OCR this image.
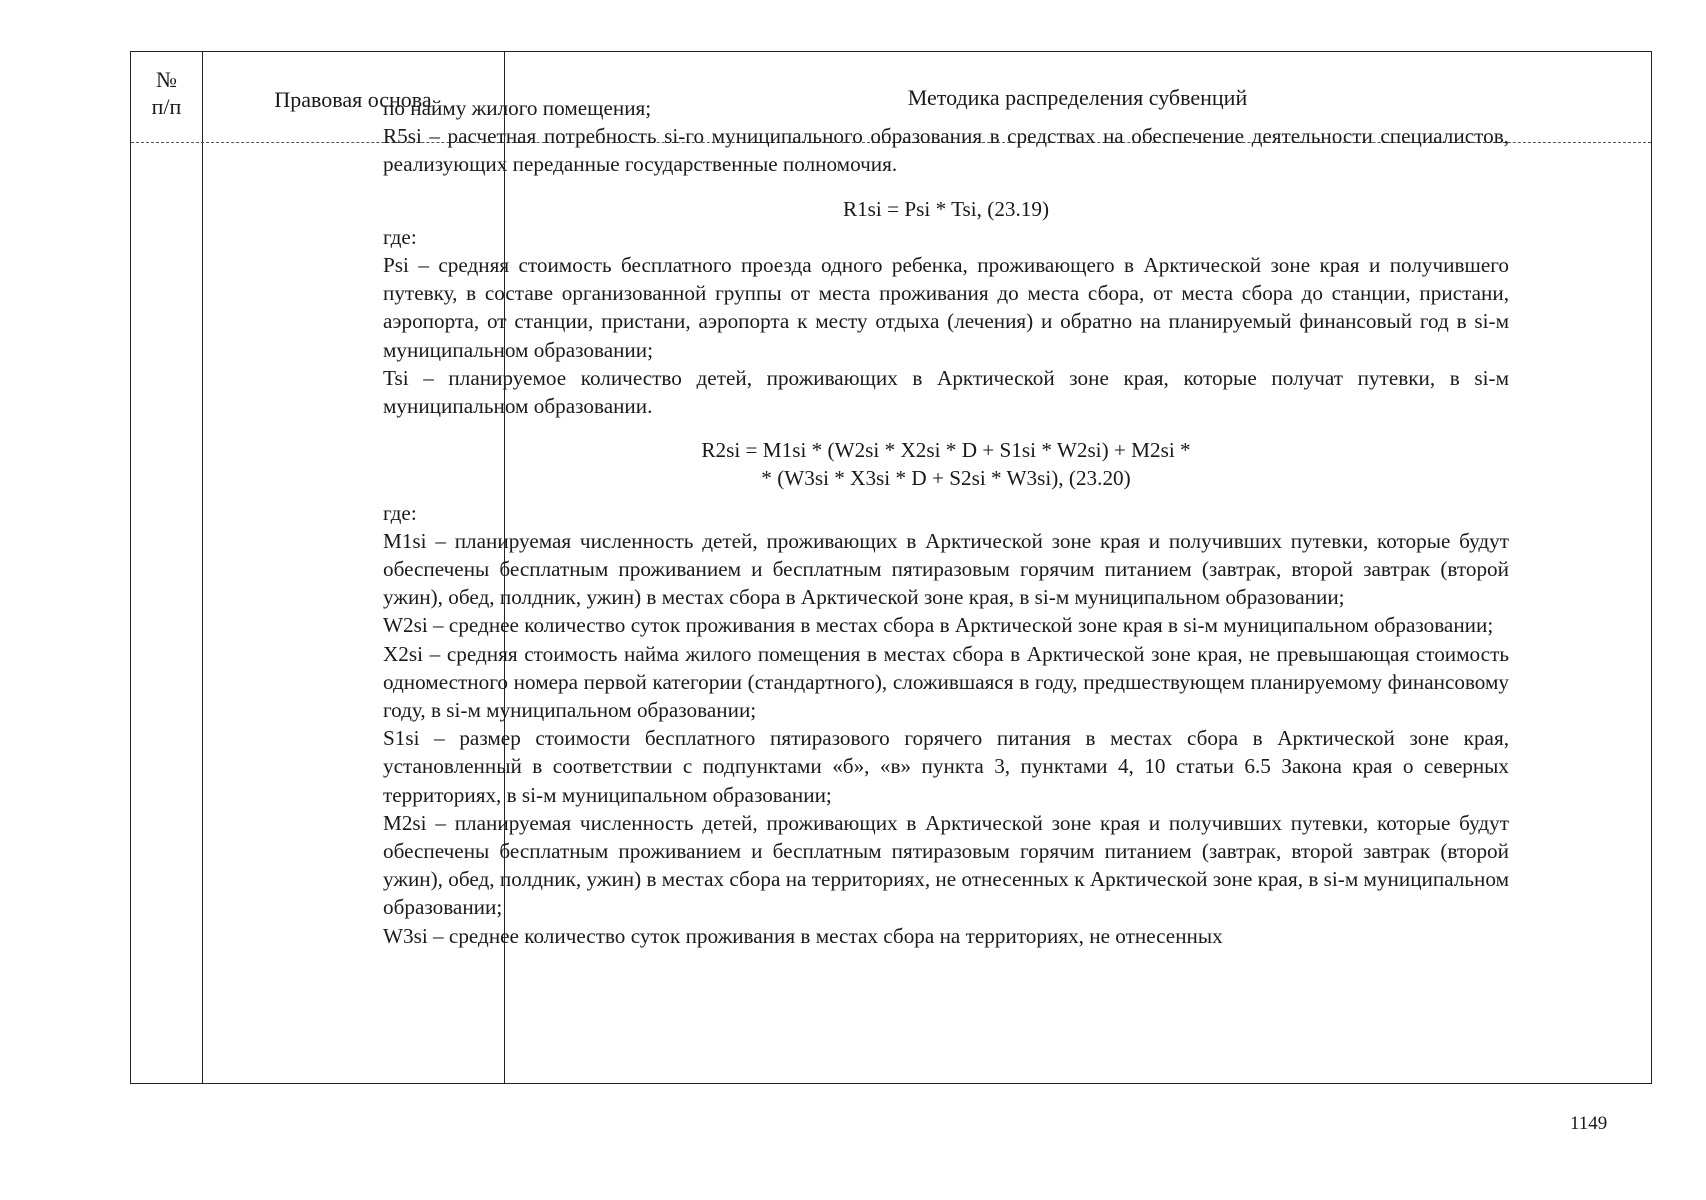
№
п/п	Правовая основа	Методика распределения субвенций

по найму жилого помещения;

R5si – расчетная потребность si-го муниципального образования в средствах на обеспечение деятельности специалистов, реализующих переданные государственные полномочия.

R1si = Psi * Tsi, (23.19)

где:

Psi – средняя стоимость бесплатного проезда одного ребенка, проживающего в Арктической зоне края и получившего путевку, в составе организованной группы от места проживания до места сбора, от места сбора до станции, пристани, аэропорта, от станции, пристани, аэропорта к месту отдыха (лечения) и обратно на планируемый финансовый год в si-м муниципальном образовании;

Tsi – планируемое количество детей, проживающих в Арктической зоне края, которые получат путевки, в si-м муниципальном образовании.

R2si = M1si * (W2si * X2si * D + S1si * W2si) + M2si *

* (W3si * X3si * D + S2si * W3si), (23.20)

где:

M1si – планируемая численность детей, проживающих в Арктической зоне края и получивших путевки, которые будут обеспечены бесплатным проживанием и бесплатным пятиразовым горячим питанием (завтрак, второй завтрак (второй ужин), обед, полдник, ужин) в местах сбора в Арктической зоне края, в si-м муниципальном образовании;

W2si – среднее количество суток проживания в местах сбора в Арктической зоне края в si-м муниципальном образовании;

X2si – средняя стоимость найма жилого помещения в местах сбора в Арктической зоне края, не превышающая стоимость одноместного номера первой категории (стандартного), сложившаяся в году, предшествующем планируемому финансовому году, в si-м муниципальном образовании;

S1si – размер стоимости бесплатного пятиразового горячего питания в местах сбора в Арктической зоне края, установленный в соответствии с подпунктами «б», «в» пункта 3, пунктами 4, 10 статьи 6.5 Закона края о северных территориях, в si-м муниципальном образовании;

M2si – планируемая численность детей, проживающих в Арктической зоне края и получивших путевки, которые будут обеспечены бесплатным проживанием и бесплатным пятиразовым горячим питанием (завтрак, второй завтрак (второй ужин), обед, полдник, ужин) в местах сбора на территориях, не отнесенных к Арктической зоне края, в si-м муниципальном образовании;

W3si – среднее количество суток проживания в местах сбора на территориях, не отнесенных

1149
